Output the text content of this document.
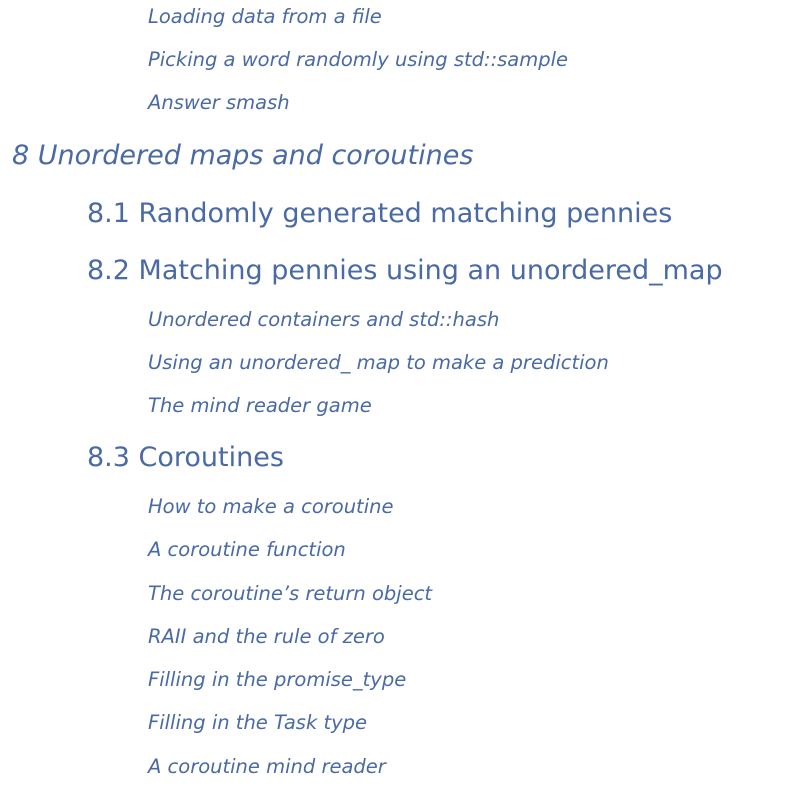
Loading data from a file
Picking a word randomly using std::sample
Answer smash
8 Unordered maps and coroutines
8.1 Randomly generated matching pennies
8.2 Matching pennies using an unordered_map
Unordered containers and std::hash
Using an unordered_ map to make a prediction
The mind reader game
8.3 Coroutines
How to make a coroutine
A coroutine function
The coroutine’s return object
RAII and the rule of zero
Filling in the promise_type
Filling in the Task type
A coroutine mind reader
